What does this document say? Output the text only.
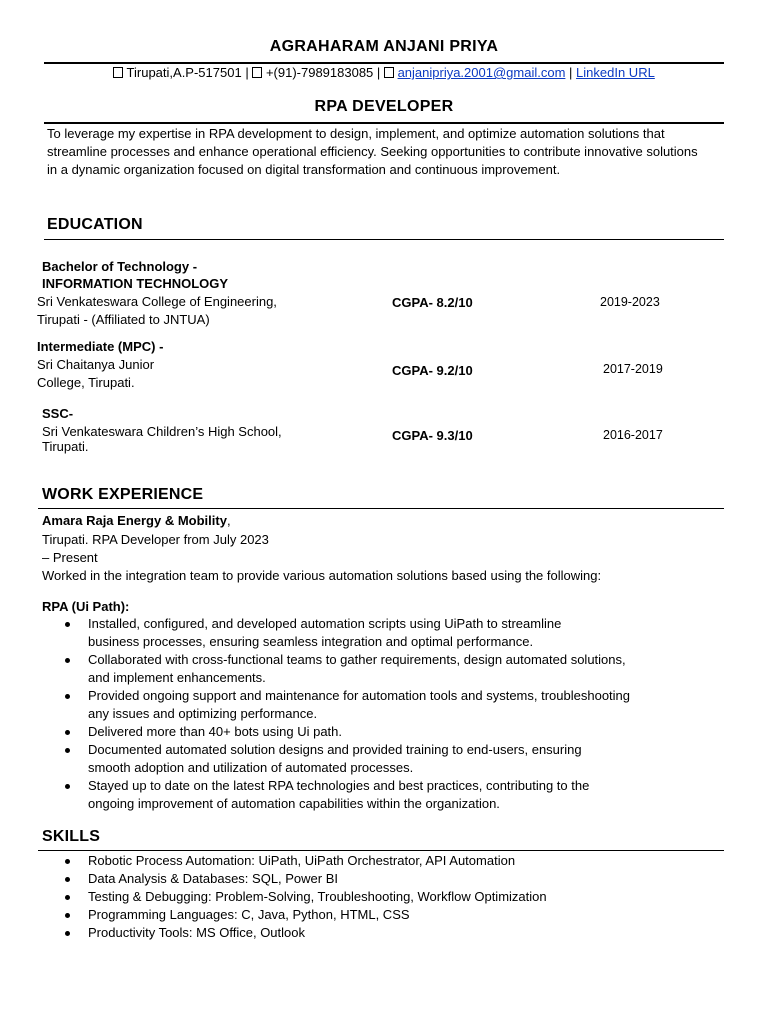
AGRAHARAM ANJANI PRIYA
Tirupati,A.P-517501 | +(91)-7989183085 | anjanipriya.2001@gmail.com | LinkedIn URL
RPA DEVELOPER
To leverage my expertise in RPA development to design, implement, and optimize automation solutions that streamline processes and enhance operational efficiency. Seeking opportunities to contribute innovative solutions in a dynamic organization focused on digital transformation and continuous improvement.
EDUCATION
Bachelor of Technology -
INFORMATION TECHNOLOGY
Sri Venkateswara College of Engineering,
Tirupati - (Affiliated to JNTUA)
CGPA- 8.2/10	2019-2023
Intermediate (MPC) -
Sri Chaitanya Junior
College, Tirupati.
CGPA- 9.2/10	2017-2019
SSC-
Sri Venkateswara Children’s High School,
Tirupati.
CGPA- 9.3/10	2016-2017
WORK EXPERIENCE
Amara Raja Energy & Mobility,
Tirupati. RPA Developer from July 2023
– Present
Worked in the integration team to provide various automation solutions based using the following:
RPA (Ui Path):
Installed, configured, and developed automation scripts using UiPath to streamline
business processes, ensuring seamless integration and optimal performance.
Collaborated with cross-functional teams to gather requirements, design automated solutions,
and implement enhancements.
Provided ongoing support and maintenance for automation tools and systems, troubleshooting
any issues and optimizing performance.
Delivered more than 40+ bots using Ui path.
Documented automated solution designs and provided training to end-users, ensuring
smooth adoption and utilization of automated processes.
Stayed up to date on the latest RPA technologies and best practices, contributing to the
ongoing improvement of automation capabilities within the organization.
SKILLS
Robotic Process Automation: UiPath, UiPath Orchestrator, API Automation
Data Analysis & Databases: SQL, Power BI
Testing & Debugging: Problem-Solving, Troubleshooting, Workflow Optimization
Programming Languages: C, Java, Python, HTML, CSS
Productivity Tools: MS Office, Outlook
